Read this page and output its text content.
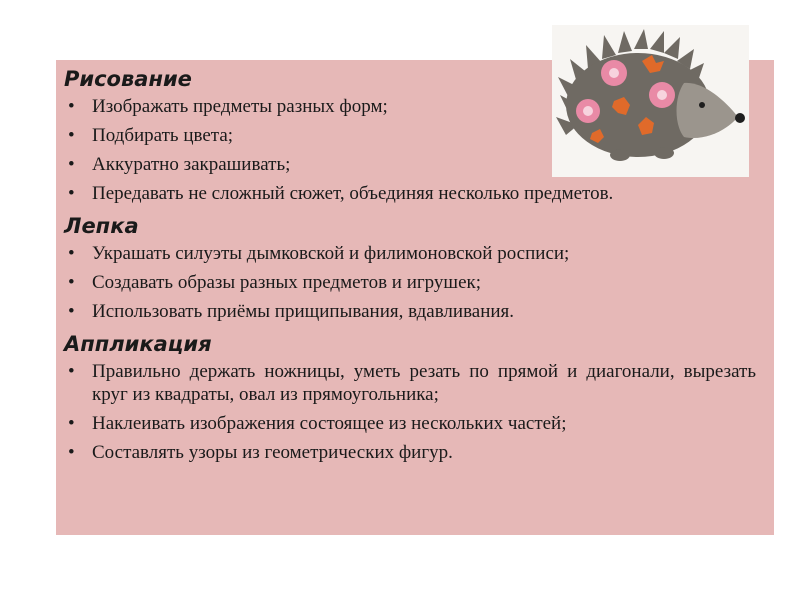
Рисование
• Изображать предметы разных форм;
• Подбирать цвета;
• Аккуратно закрашивать;
• Передавать не сложный сюжет, объединяя несколько предметов.
Лепка
• Украшать силуэты дымковской и филимоновской росписи;
• Создавать образы разных предметов и игрушек;
• Использовать приёмы прищипывания, вдавливания.
Аппликация
• Правильно держать ножницы, уметь резать по прямой и диагонали, вырезать круг из квадраты, овал из прямоугольника;
• Наклеивать изображения состоящее из нескольких частей;
• Составлять узоры из геометрических фигур.
